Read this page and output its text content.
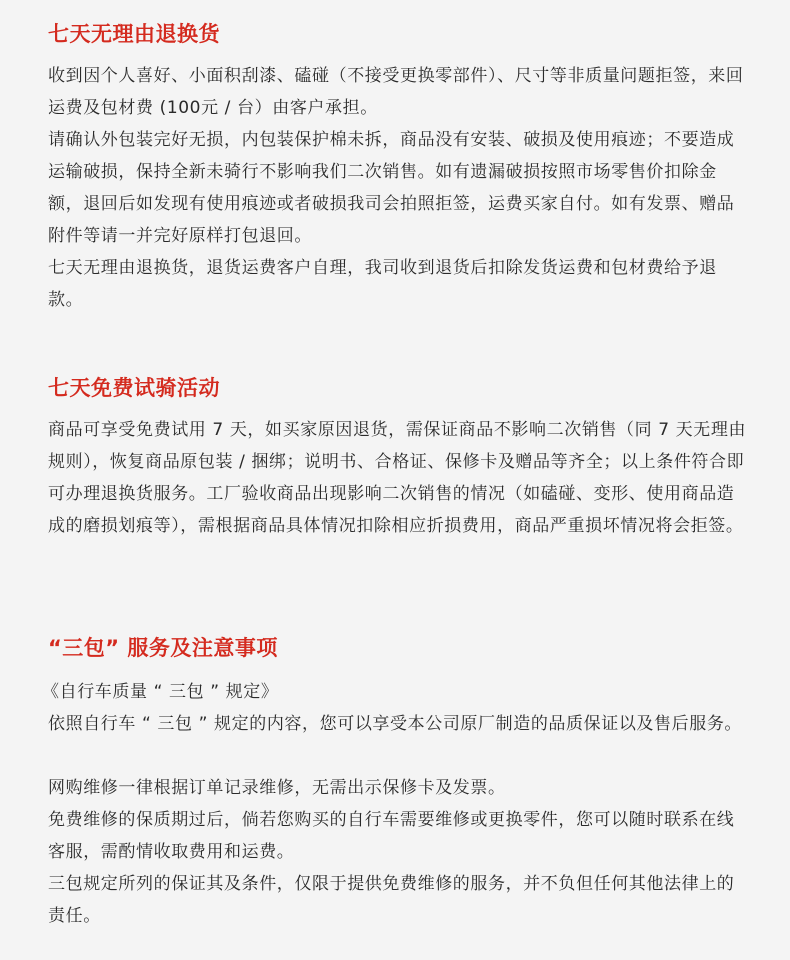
七天无理由退换货

收到因个人喜好、小面积刮漆、磕碰（不接受更换零部件）、尺寸等非质量问题拒签，来回运费及包材费 (100元 / 台）由客户承担。

请确认外包装完好无损，内包装保护棉未拆，商品没有安装、破损及使用痕迹；不要造成运输破损，保持全新未骑行不影响我们二次销售。如有遗漏破损按照市场零售价扣除金额，退回后如发现有使用痕迹或者破损我司会拍照拒签，运费买家自付。如有发票、赠品附件等请一并完好原样打包退回。

七天无理由退换货，退货运费客户自理，我司收到退货后扣除发货运费和包材费给予退款。

七天免费试骑活动

商品可享受免费试用 7 天，如买家原因退货，需保证商品不影响二次销售（同 7 天无理由规则），恢复商品原包装 / 捆绑；说明书、合格证、保修卡及赠品等齐全；以上条件符合即可办理退换货服务。工厂验收商品出现影响二次销售的情况（如磕碰、变形、使用商品造成的磨损划痕等），需根据商品具体情况扣除相应折损费用，商品严重损坏情况将会拒签。

“三包” 服务及注意事项

《自行车质量 “ 三包 ” 规定》

依照自行车 “ 三包 ” 规定的内容，您可以享受本公司原厂制造的品质保证以及售后服务。

网购维修一律根据订单记录维修，无需出示保修卡及发票。

免费维修的保质期过后，倘若您购买的自行车需要维修或更换零件，您可以随时联系在线客服，需酌情收取费用和运费。

三包规定所列的保证其及条件，仅限于提供免费维修的服务，并不负但任何其他法律上的责任。
